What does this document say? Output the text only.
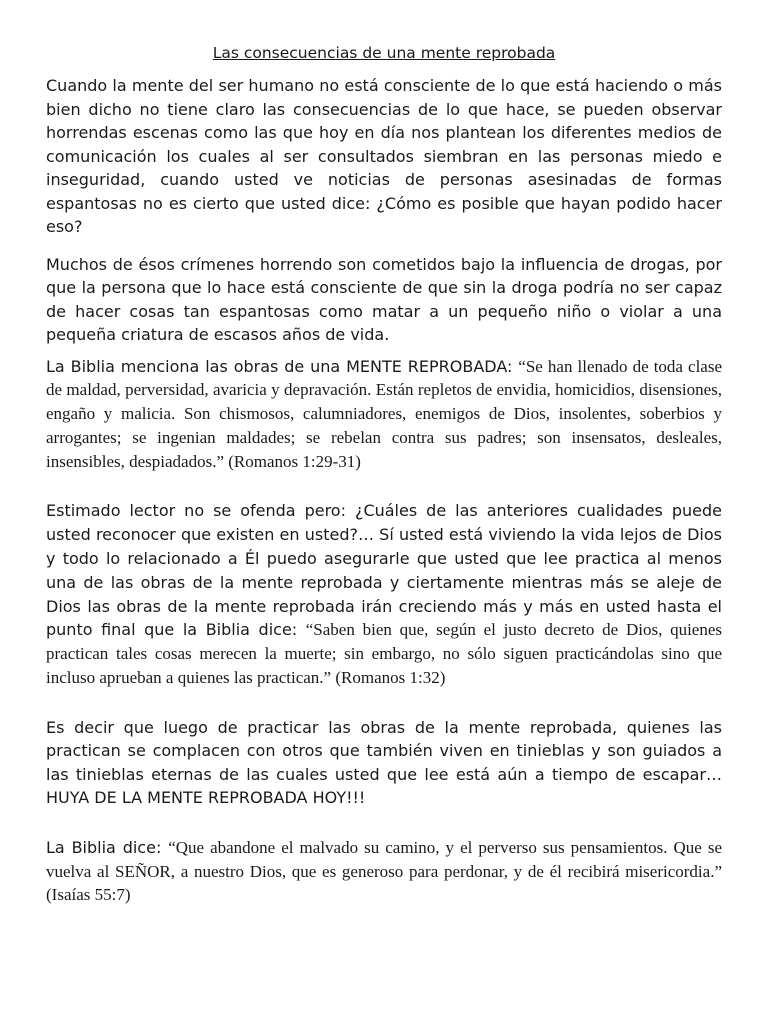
Las consecuencias de una mente reprobada

Cuando la mente del ser humano no está consciente de lo que está haciendo o más bien dicho no tiene claro las consecuencias de lo que hace, se pueden observar horrendas escenas como las que hoy en día nos plantean los diferentes medios de comunicación los cuales al ser consultados siembran en las personas miedo e inseguridad, cuando usted ve noticias de personas asesinadas de formas espantosas no es cierto que usted dice: ¿Cómo es posible que hayan podido hacer eso?

Muchos de ésos crímenes horrendo son cometidos bajo la influencia de drogas, por que la persona que lo hace está consciente de que sin la droga podría no ser capaz de hacer cosas tan espantosas como matar a un pequeño niño o violar a una pequeña criatura de escasos años de vida.

La Biblia menciona las obras de una MENTE REPROBADA: “Se han llenado de toda clase de maldad, perversidad, avaricia y depravación. Están repletos de envidia, homicidios, disensiones, engaño y malicia. Son chismosos, calumniadores, enemigos de Dios, insolentes, soberbios y arrogantes; se ingenian maldades; se rebelan contra sus padres; son insensatos, desleales, insensibles, despiadados.” (Romanos 1:29-31)

Estimado lector no se ofenda pero: ¿Cuáles de las anteriores cualidades puede usted reconocer que existen en usted?… Sí usted está viviendo la vida lejos de Dios y todo lo relacionado a Él puedo asegurarle que usted que lee practica al menos una de las obras de la mente reprobada y ciertamente mientras más se aleje de Dios las obras de la mente reprobada irán creciendo más y más en usted hasta el punto final que la Biblia dice: “Saben bien que, según el justo decreto de Dios, quienes practican tales cosas merecen la muerte; sin embargo, no sólo siguen practicándolas sino que incluso aprueban a quienes las practican.” (Romanos 1:32)

Es decir que luego de practicar las obras de la mente reprobada, quienes las practican se complacen con otros que también viven en tinieblas y son guiados a las tinieblas eternas de las cuales usted que lee está aún a tiempo de escapar… HUYA DE LA MENTE REPROBADA HOY!!!

La Biblia dice: “Que abandone el malvado su camino, y el perverso sus pensamientos. Que se vuelva al SEÑOR, a nuestro Dios, que es generoso para perdonar, y de él recibirá misericordia.” (Isaías 55:7)
